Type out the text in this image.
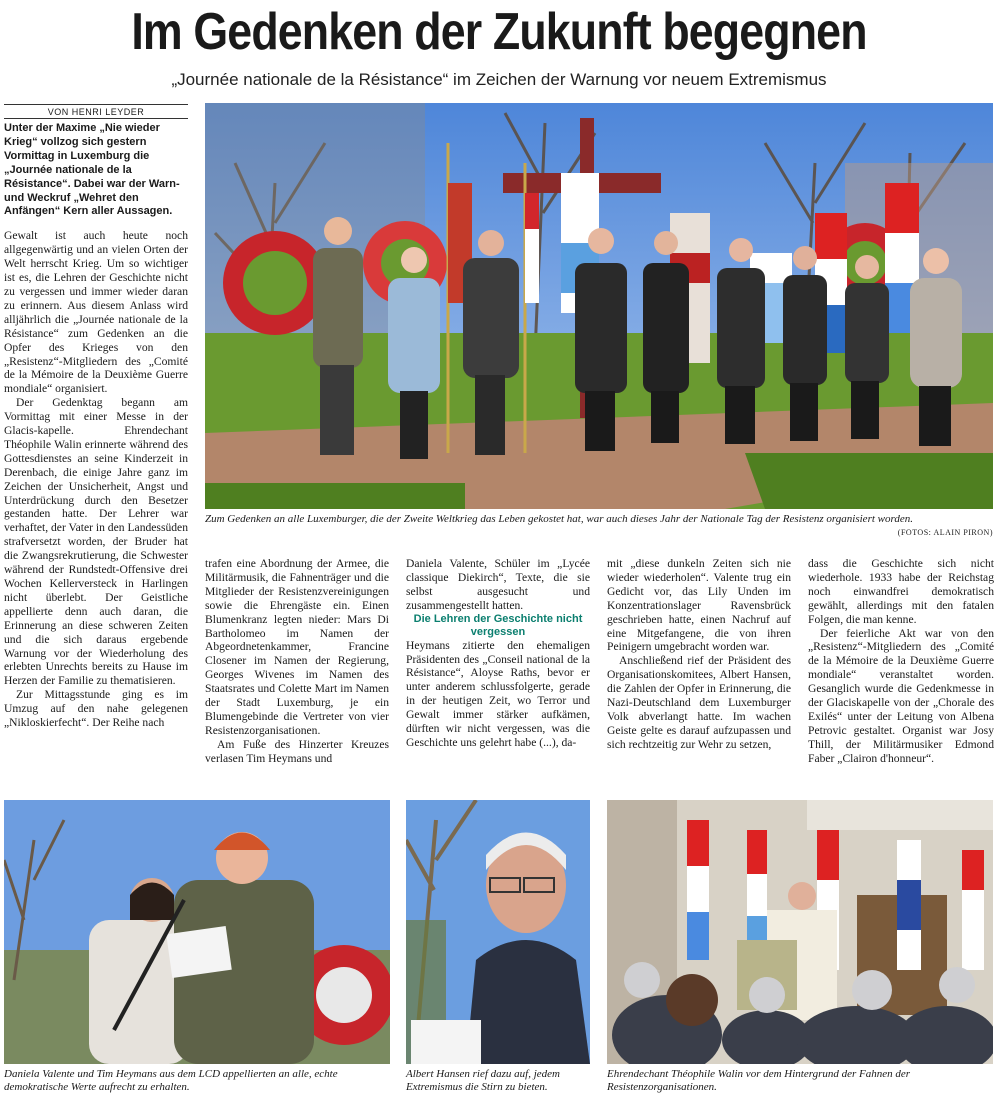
Im Gedenken der Zukunft begegnen
„Journée nationale de la Résistance“ im Zeichen der Warnung vor neuem Extremismus
VON HENRI LEYDER

Unter der Maxime „Nie wieder Krieg“ vollzog sich gestern Vormittag in Luxemburg die „Journée nationale de la Résistance“. Dabei war der Warn- und Weckruf „Wehret den Anfängen“ Kern aller Aussagen.

Gewalt ist auch heute noch allgegenwärtig und an vielen Orten der Welt herrscht Krieg. Um so wichtiger ist es, die Lehren der Geschichte nicht zu vergessen und immer wieder daran zu erinnern. Aus diesem Anlass wird alljährlich die „Journée nationale de la Résistance“ zum Gedenken an die Opfer des Krieges von den „Resistenz“-Mitgliedern des „Comité de la Mémoire de la Deuxième Guerre mondiale“ organisiert.

Der Gedenktag begann am Vormittag mit einer Messe in der Glacis-kapelle. Ehrendechant Théophile Walin erinnerte während des Gottesdienstes an seine Kinderzeit in Derenbach, die einige Jahre ganz im Zeichen der Unsicherheit, Angst und Unterdrückung durch den Besetzer gestanden hatte. Der Lehrer war verhaftet, der Vater in den Landessüden strafversetzt worden, der Bruder hat die Zwangsrekrutierung, die Schwester während der Rundstedt-Offensive drei Wochen Kellerversteck in Harlingen nicht überlebt. Der Geistliche appellierte denn auch daran, die Erinnerung an diese schweren Zeiten und die sich daraus ergebende Warnung vor der Wiederholung des erlebten Unrechts bereits zu Hause im Herzen der Familie zu thematisieren.

Zur Mittagsstunde ging es im Umzug auf den nahe gelegenen „Nikloskierfecht“. Der Reihe nach

Zum Gedenken an alle Luxemburger, die der Zweite Weltkrieg das Leben gekostet hat, war auch dieses Jahr der Nationale Tag der Resistenz organisiert worden.
(FOTOS: ALAIN PIRON)

trafen eine Abordnung der Armee, die Militärmusik, die Fahnenträger und die Mitglieder der Resistenzvereinigungen sowie die Ehrengäste ein. Einen Blumenkranz legten nieder: Mars Di Bartholomeo im Namen der Abgeordnetenkammer, Francine Closener im Namen der Regierung, Georges Wivenes im Namen des Staatsrates und Colette Mart im Namen der Stadt Luxemburg, je ein Blumengebinde die Vertreter von vier Resistenzorganisationen.

Am Fuße des Hinzerter Kreuzes verlasen Tim Heymans und

Daniela Valente, Schüler im „Lycée classique Diekirch“, Texte, die sie selbst ausgesucht und zusammengestellt hatten.

Die Lehren der Geschichte nicht vergessen

Heymans zitierte den ehemaligen Präsidenten des „Conseil national de la Résistance“, Aloyse Raths, bevor er unter anderem schlussfolgerte, gerade in der heutigen Zeit, wo Terror und Gewalt immer stärker aufkämen, dürften wir nicht vergessen, was die Geschichte uns gelehrt habe (...), da-

mit „diese dunkeln Zeiten sich nie wieder wiederholen“. Valente trug ein Gedicht vor, das Lily Unden im Konzentrationslager Ravensbrück geschrieben hatte, einen Nachruf auf eine Mitgefangene, die von ihren Peinigern umgebracht worden war.

Anschließend rief der Präsident des Organisationskomitees, Albert Hansen, die Zahlen der Opfer in Erinnerung, die Nazi-Deutschland dem Luxemburger Volk abverlangt hatte. Im wachen Geiste gelte es darauf aufzupassen und sich rechtzeitig zur Wehr zu setzen,

dass die Geschichte sich nicht wiederhole. 1933 habe der Reichstag noch einwandfrei demokratisch gewählt, allerdings mit den fatalen Folgen, die man kenne.

Der feierliche Akt war von den „Resistenz“-Mitgliedern des „Comité de la Mémoire de la Deuxième Guerre mondiale“ veranstaltet worden. Gesanglich wurde die Gedenkmesse in der Glaciskapelle von der „Chorale des Exilés“ unter der Leitung von Albena Petrovic gestaltet. Organist war Josy Thill, der Militärmusiker Edmond Faber „Clairon d'honneur“.

Daniela Valente und Tim Heymans aus dem LCD appellierten an alle, echte demokratische Werte aufrecht zu erhalten.
Albert Hansen rief dazu auf, jedem Extremismus die Stirn zu bieten.
Ehrendechant Théophile Walin vor dem Hintergrund der Fahnen der Resistenzorganisationen.
